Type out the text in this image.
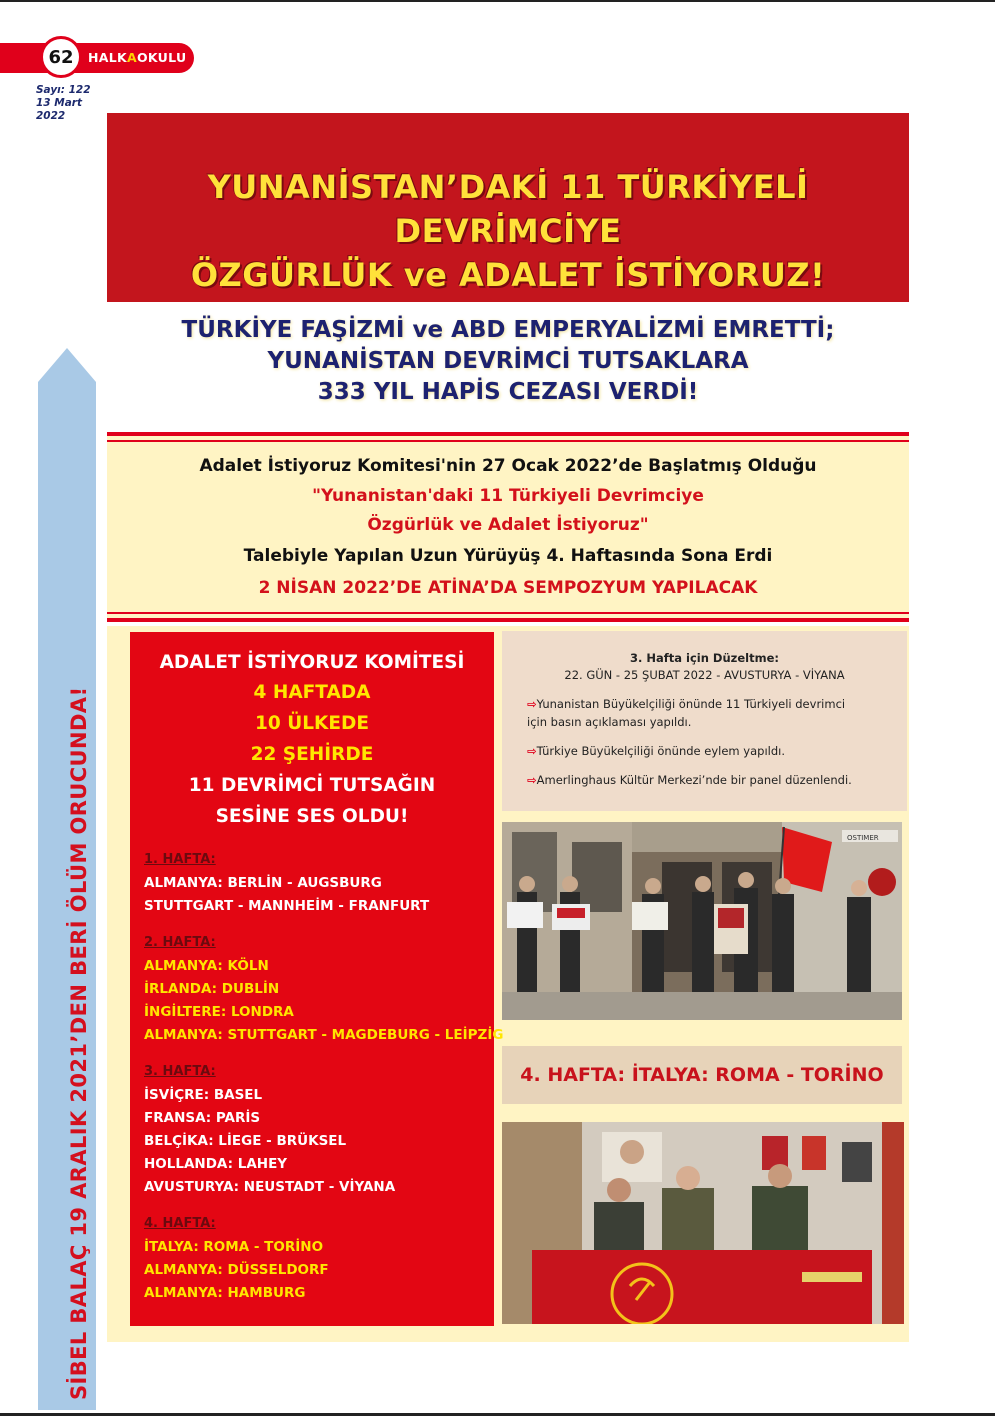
62	HALKAOKULU
Sayı: 122
13 Mart
2022
SİBEL BALAÇ 19 ARALIK 2021’DEN BERİ ÖLÜM ORUCUNDA!
YUNANİSTAN’DAKİ 11 TÜRKİYELİ DEVRİMCİYE
ÖZGÜRLÜK ve ADALET İSTİYORUZ!
TÜRKİYE FAŞİZMİ ve ABD EMPERYALİZMİ EMRETTİ;
YUNANİSTAN DEVRİMCİ TUTSAKLARA
333 YIL HAPİS CEZASI VERDİ!
Adalet İstiyoruz Komitesi'nin 27 Ocak 2022’de Başlatmış Olduğu
"Yunanistan'daki 11 Türkiyeli Devrimciye
Özgürlük ve Adalet İstiyoruz"
Talebiyle Yapılan Uzun Yürüyüş 4. Haftasında Sona Erdi
2 NİSAN 2022’DE ATİNA’DA SEMPOZYUM YAPILACAK
ADALET İSTİYORUZ KOMİTESİ
4 HAFTADA
10 ÜLKEDE
22 ŞEHİRDE
11 DEVRİMCİ TUTSAĞIN
SESİNE SES OLDU!
1. HAFTA:
ALMANYA: BERLİN - AUGSBURG
STUTTGART - MANNHEİM - FRANFURT
2. HAFTA:
ALMANYA: KÖLN
İRLANDA: DUBLİN
İNGİLTERE: LONDRA
ALMANYA: STUTTGART - MAGDEBURG - LEİPZİG
3. HAFTA:
İSVİÇRE: BASEL
FRANSA: PARİS
BELÇİKA: LİEGE - BRÜKSEL
HOLLANDA: LAHEY
AVUSTURYA: NEUSTADT - VİYANA
4. HAFTA:
İTALYA: ROMA - TORİNO
ALMANYA: DÜSSELDORF
ALMANYA: HAMBURG
3. Hafta için Düzeltme:
22. GÜN - 25 ŞUBAT 2022 - AVUSTURYA - VİYANA
⇨Yunanistan Büyükelçiliği önünde 11 Türkiyeli devrimci
için basın açıklaması yapıldı.
⇨Türkiye Büyükelçiliği önünde eylem yapıldı.
⇨Amerlinghaus Kültür Merkezi’nde bir panel düzenlendi.
OSTIMER
4. HAFTA: İTALYA: ROMA - TORİNO
